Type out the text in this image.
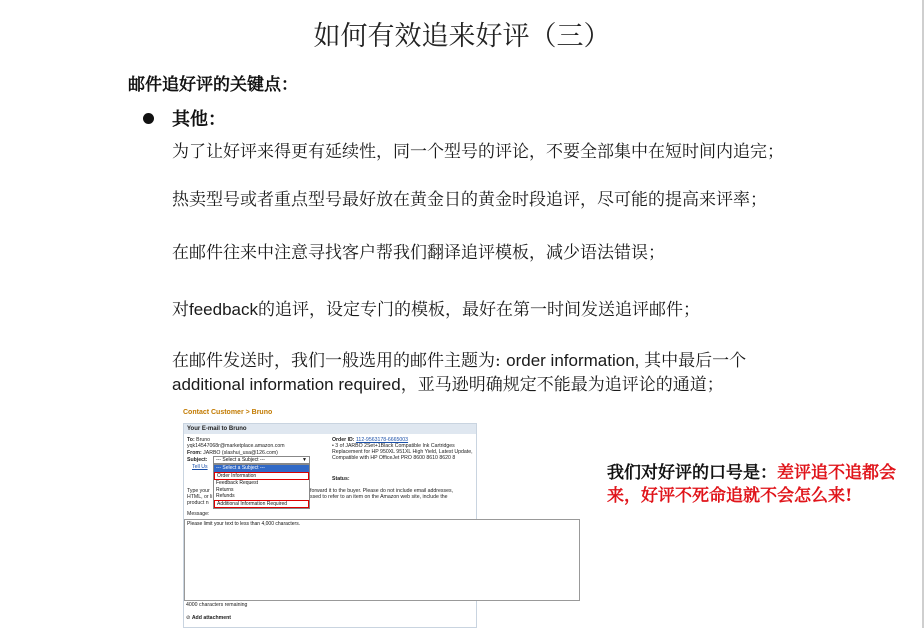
如何有效追来好评（三）
邮件追好评的关键点：
其他：
为了让好评来得更有延续性，同一个型号的评论，不要全部集中在短时间内追完；
热卖型号或者重点型号最好放在黄金日的黄金时段追评，尽可能的提高来评率；
在邮件往来中注意寻找客户帮我们翻译追评模板，减少语法错误；
对feedback的追评，设定专门的模板，最好在第一时间发送追评邮件；
在邮件发送时，我们一般选用的邮件主题为: order information, 其中最后一个
additional information required，亚马逊明确规定不能最为追评论的通道；
Contact Customer > Bruno
Your E-mail to Bruno
To: Bruno
yqk14547068r@marketplace.amazon.com
From: JARBO (slashui_usa@126.com)
Subject:
Tell Us
--- Select a Subject ---	▼
--- Select a Subject ---
Order Information
Feedback Request
Returns
Refunds
Additional Information Required
Order ID: 112-9563178-6665003
• 3 of JARBO 2Set+1Black Compatible Ink Cartridges Replacement for HP 950XL 951XL High Yield, Latest Update, Compatible with HP OfficeJet PRO 8600 8610 8620 8
Status:
Type your	forward it to the buyer. Please do not include email addresses,
HTML, or li	ssed to refer to an item on the Amazon web site, include the
product n
Message:
Please limit your text to less than 4,000 characters.
4000 characters remaining
⊘ Add attachment
我们对好评的口号是：差评追不追都会来，好评不死命追就不会怎么来!
